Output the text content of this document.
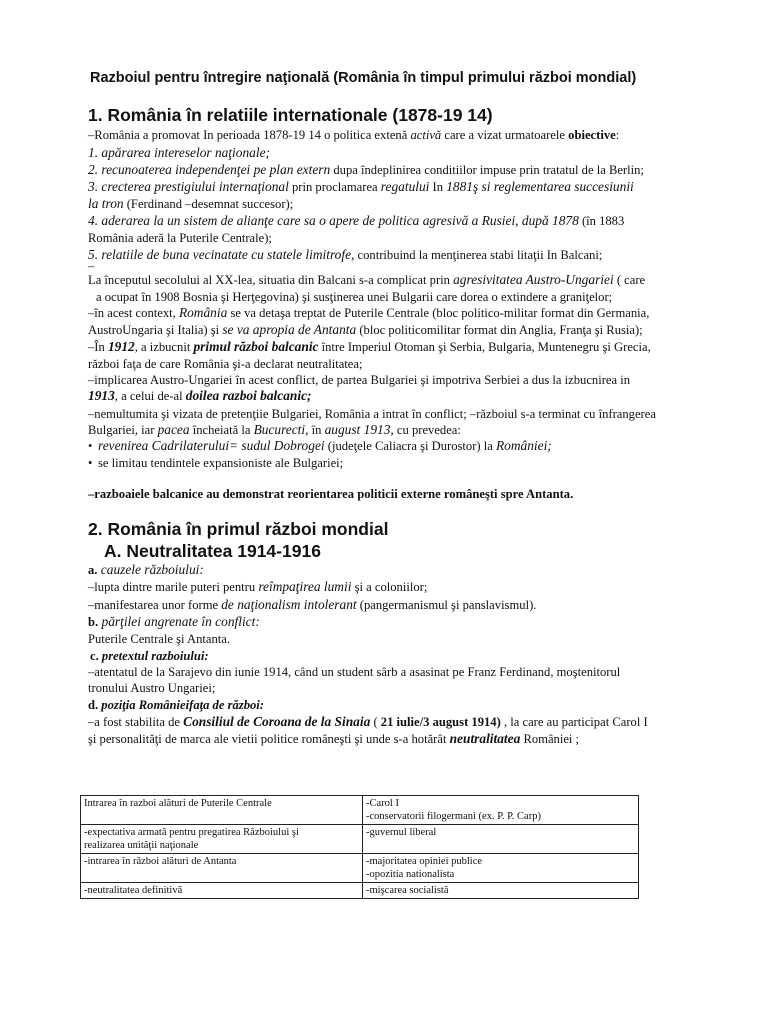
Razboiul pentru întregire naţională (România în timpul primului război mondial)
1. România în relatiile internationale (1878-19 14)
–România a promovat In perioada 1878-19 14 o politica extenă activă care a vizat urmatoarele obiective:
1. apărarea intereselor naţionale;
2. recunoaterea independenţei pe plan extern dupa îndeplinirea conditiilor impuse prin tratatul de la Berlin;
3. crecterea prestigiului internaţional prin proclamarea regatului In 1881ş si reglementarea succesiunii
la tron (Ferdinand –desemnat succesor);
4. aderarea la un sistem de alianţe care sa o apere de politica agresivă a Rusiei, după 1878 (în 1883
România aderă la Puterile Centrale);
5. relatiile de buna vecinatate cu statele limitrofe, contribuind la menţinerea stabi litaţii In Balcani;
–
La începutul secolului al XX-lea, situatia din Balcani s-a complicat prin agresivitatea Austro-Ungariei ( care
a ocupat în 1908 Bosnia şi Herţegovina) şi susţinerea unei Bulgarii care dorea o extindere a graniţelor;
–în acest context, România se va detaşa treptat de Puterile Centrale (bloc politico-militar format din Germania,
AustroUngaria şi Italia) şi se va apropia de Antanta (bloc politicomilitar format din Anglia, Franţa şi Rusia);
–În 1912, a izbucnit primul război balcanic între Imperiul Otoman şi Serbia, Bulgaria, Muntenegru şi Grecia,
război faţa de care România şi-a declarat neutralitatea;
–implicarea Austro-Ungariei în acest conflict, de partea Bulgariei şi impotriva Serbiei a dus la izbucnirea in
1913, a celui de-al doilea razboi balcanic;
–nemultumita şi vizata de pretenţiie Bulgariei, România a intrat în conflict; –războiul s-a terminat cu înfrangerea
Bulgariei, iar pacea încheiată la Bucurecti, în august 1913, cu prevedea:
• revenirea Cadrilaterului= sudul Dobrogei (judeţele Caliacra şi Durostor) la României;
• se limitau tendintele expansioniste ale Bulgariei;
–razboaiele balcanice au demonstrat reorientarea politicii externe româneşti spre Antanta.
2. România în primul război mondial
A. Neutralitatea 1914-1916
a. cauzele războiului:
–lupta dintre marile puteri pentru reîmpaţirea lumii şi a coloniilor;
–manifestarea unor forme de naţionalism intolerant (pangermanismul şi panslavismul).
b. părţilei angrenate în conflict:
Puterile Centrale şi Antanta.
c. pretextul razboiului:
–atentatul de la Sarajevo din iunie 1914, când un student sârb a asasinat pe Franz Ferdinand, moştenitorul
tronului Austro Ungariei;
d. poziţia Românieifaţa de război:
–a fost stabilita de Consiliul de Coroana de la Sinaia ( 21 iulie/3 august 1914) , la care au participat Carol I
şi personalităţi de marca ale vietii politice româneşti şi unde s-a hotărât neutralitatea României ;
Intrarea în razboi alături de Puterile Centrale	-Carol I
-conservatorii filogermani (ex. P. P. Carp)

-expectativa armată pentru pregatirea Războiului şi
realizarea unităţii naţionale	-guvernul liberal

-intrarea în război alături de Antanta	-majoritatea opiniei publice
-opozitia nationalista

-neutralitatea definitivă	-mişcarea socialistă
